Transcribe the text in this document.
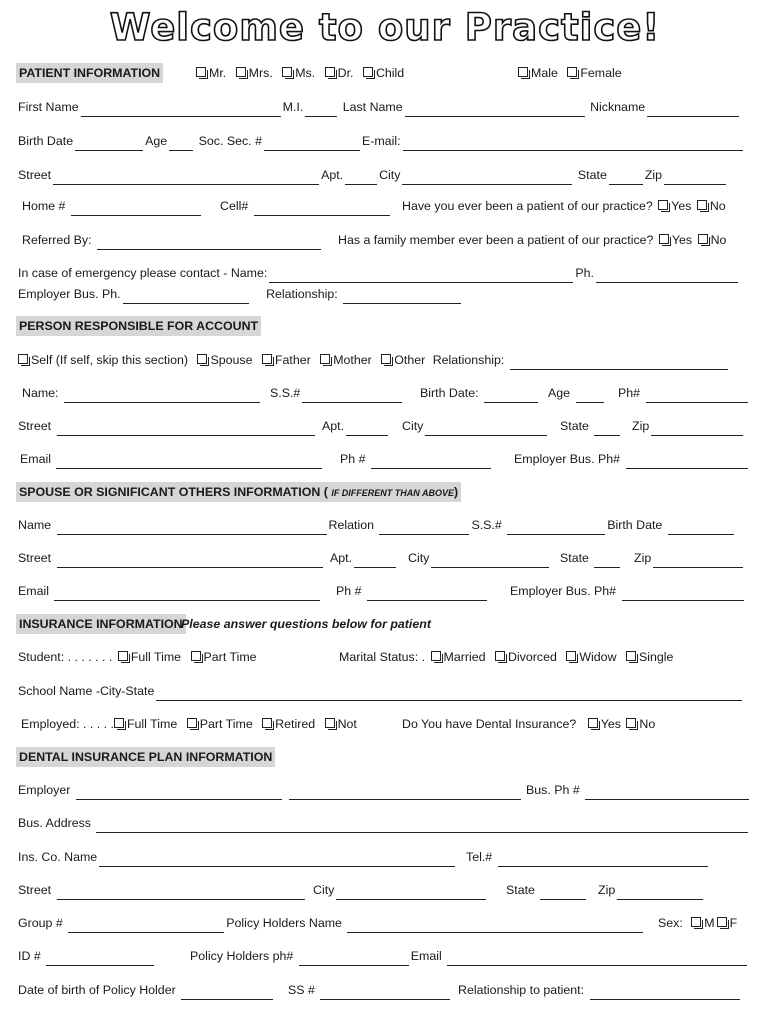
Welcome to our Practice!
PATIENT INFORMATION	Mr. Mrs. Ms. Dr. Child	Male Female
First Name	M.I.	Last Name	Nickname
Birth Date	Age	Soc. Sec. #	E-mail:
Street	Apt.	City	State	Zip
Home #	Cell#	Have you ever been a patient of our practice? Yes No
Referred By:	Has a family member ever been a patient of our practice? Yes No
In case of emergency please contact - Name:	Ph.
Employer Bus. Ph.	Relationship:
PERSON RESPONSIBLE FOR ACCOUNT
Self (If self, skip this section) Spouse Father Mother Other Relationship:
Name:	S.S.#	Birth Date:	Age	Ph#
Street	Apt.	City	State	Zip
Email	Ph #	Employer Bus. Ph#
SPOUSE OR SIGNIFICANT OTHERS INFORMATION ( IF DIFFERENT THAN ABOVE)
Name	Relation	S.S.#	Birth Date
Street	Apt.	City	State	Zip
Email	Ph #	Employer Bus. Ph#
INSURANCE INFORMATION
Please answer questions below for patient
Student: . . . . . . . Full Time Part Time	Marital Status: . Married Divorced Widow Single
School Name -City-State
Employed: . . . . . Full Time Part Time Retired Not	Do You have Dental Insurance? Yes No
DENTAL INSURANCE PLAN INFORMATION
Employer	Bus. Ph #
Bus. Address
Ins. Co. Name	Tel.#
Street	City	State	Zip
Group #	Policy Holders Name	Sex: M F
ID #	Policy Holders ph#	Email
Date of birth of Policy Holder	SS #	Relationship to patient:
